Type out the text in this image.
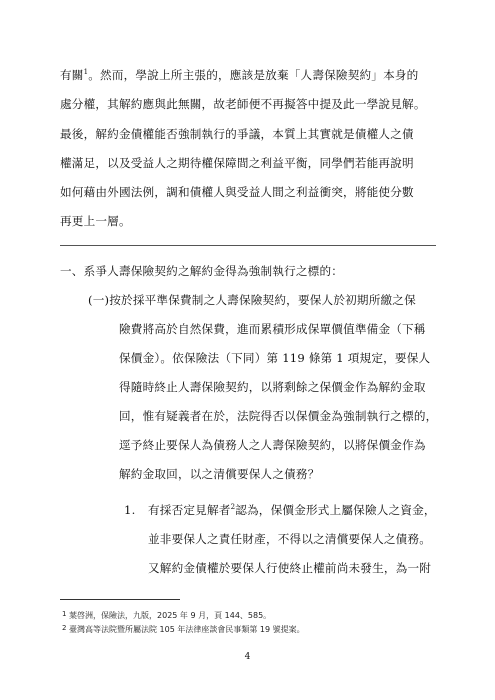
有關$^1$。然而，學說上所主張的，應該是放棄「人壽保險契約」本身的
處分權，其解約應與此無關，故老師便不再擬答中提及此一學說見解。
最後，解約金債權能否強制執行的爭議，本質上其實就是債權人之債
權滿足，以及受益人之期待權保障間之利益平衡，同學們若能再說明
如何藉由外國法例，調和債權人與受益人間之利益衝突，將能使分數
再更上一層。
一、系爭人壽保險契約之解約金得為強制執行之標的：
(一)按於採平準保費制之人壽保險契約，要保人於初期所繳之保
險費將高於自然保費，進而累積形成保單價值準備金（下稱
保價金）。依保險法（下同）第 119 條第 1 項規定，要保人
得隨時終止人壽保險契約，以將剩餘之保價金作為解約金取
回，惟有疑義者在於，法院得否以保價金為強制執行之標的，
逕予終止要保人為債務人之人壽保險契約，以將保價金作為
解約金取回，以之清償要保人之債務？
1. 有採否定見解者$^2$認為，保價金形式上屬保險人之資金，
並非要保人之責任財產，不得以之清償要保人之債務。
又解約金債權於要保人行使終止權前尚未發生，為一附
$^1$ 葉啓洲，保險法，九版，2025 年 9 月，頁 144、585。
$^2$ 臺灣高等法院暨所屬法院 105 年法律座談會民事類第 19 號提案。
4
